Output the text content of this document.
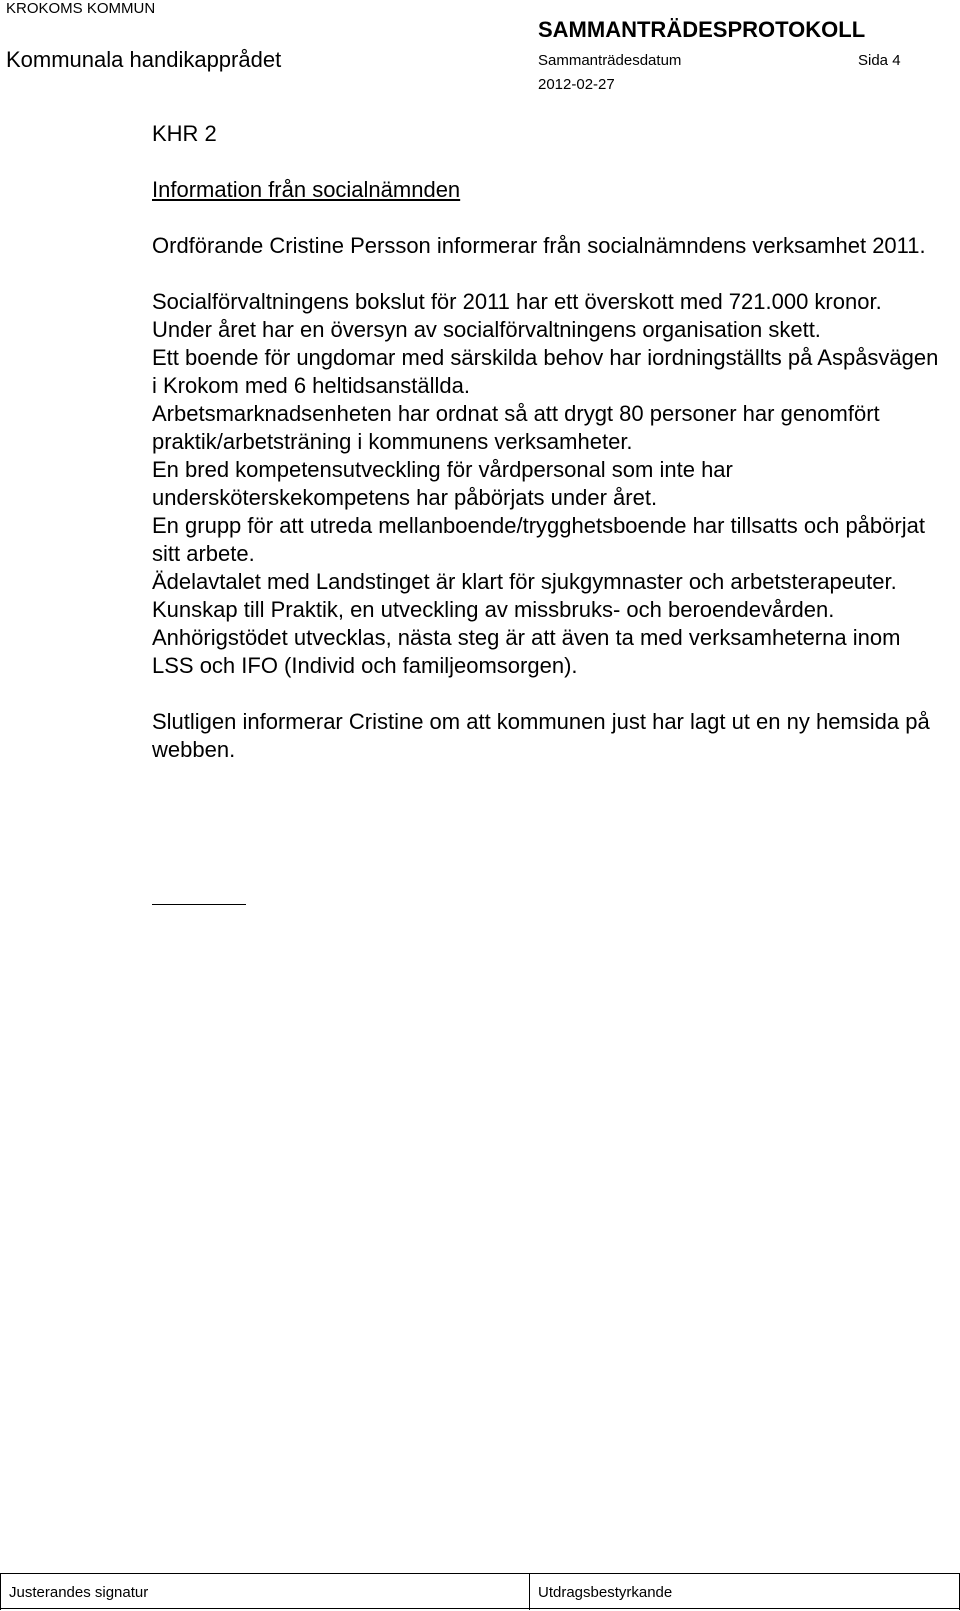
KROKOMS KOMMUN
SAMMANTRÄDESPROTOKOLL
Kommunala handikapprådet	Sammanträdesdatum	Sida 4
2012-02-27
KHR 2
Information från socialnämnden

Ordförande Cristine Persson informerar från socialnämndens verksamhet 2011.

Socialförvaltningens bokslut för 2011 har ett överskott med 721.000 kronor.
Under året har en översyn av socialförvaltningens organisation skett.
Ett boende för ungdomar med särskilda behov har iordningställts på Aspåsvägen i Krokom med 6 heltidsanställda.
Arbetsmarknadsenheten har ordnat så att drygt 80 personer har genomfört praktik/arbetsträning i kommunens verksamheter.
En bred kompetensutveckling för vårdpersonal som inte har undersköterskekompetens har påbörjats under året.
En grupp för att utreda mellanboende/trygghetsboende har tillsatts och påbörjat sitt arbete.
Ädelavtalet med Landstinget är klart för sjukgymnaster och arbetsterapeuter.
Kunskap till Praktik, en utveckling av missbruks- och beroendevården.
Anhörigstödet utvecklas, nästa steg är att även ta med verksamheterna inom LSS och IFO (Individ och familjeomsorgen).

Slutligen informerar Cristine om att kommunen just har lagt ut en ny hemsida på webben.

Justerandes signatur	Utdragsbestyrkande
